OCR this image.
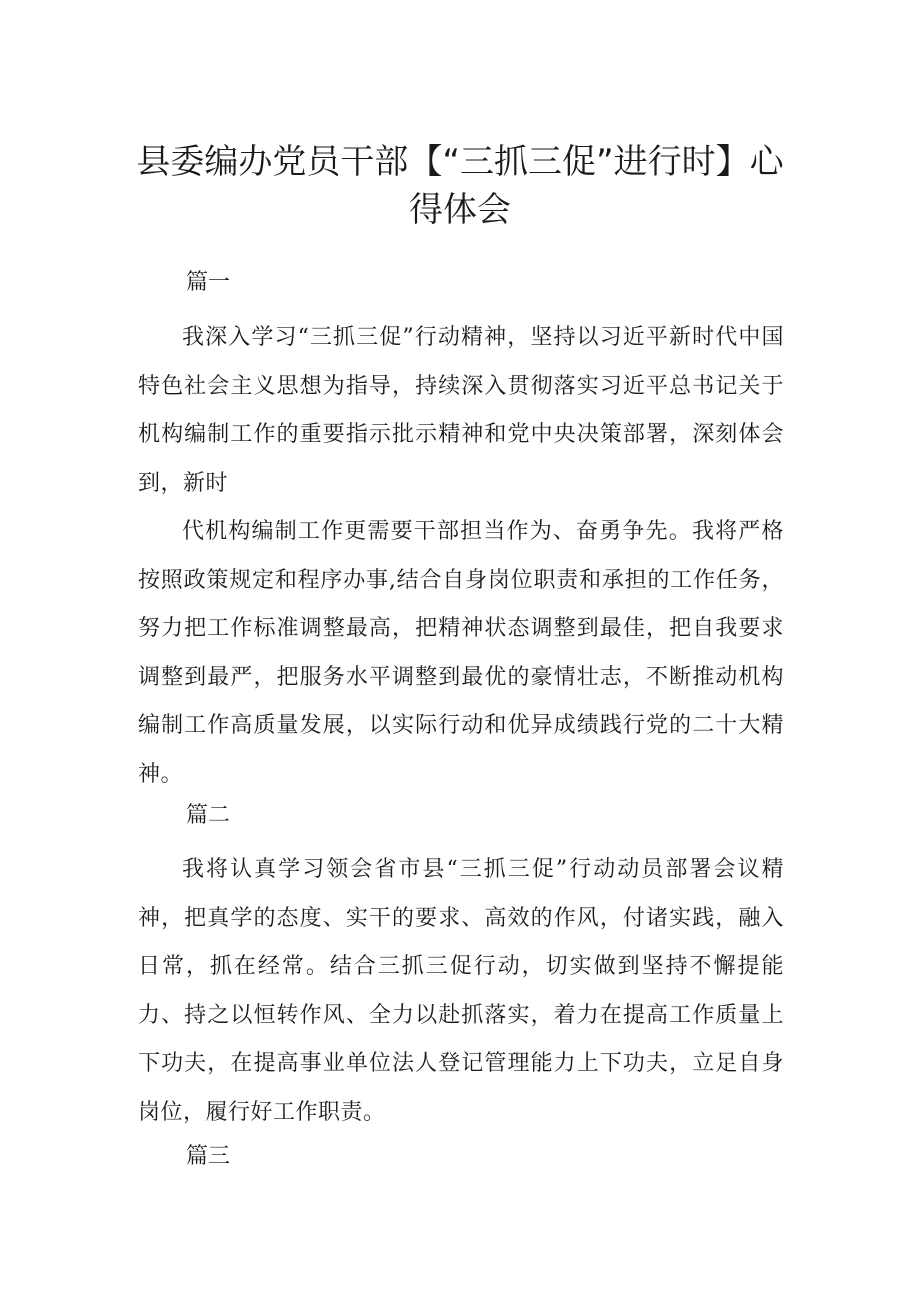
县委编办党员干部【“三抓三促”进行时】心得体会
篇一

我深入学习“三抓三促”行动精神，坚持以习近平新时代中国特色社会主义思想为指导，持续深入贯彻落实习近平总书记关于机构编制工作的重要指示批示精神和党中央决策部署，深刻体会到，新时

代机构编制工作更需要干部担当作为、奋勇争先。我将严格按照政策规定和程序办事,结合自身岗位职责和承担的工作任务，努力把工作标准调整最高，把精神状态调整到最佳，把自我要求调整到最严，把服务水平调整到最优的豪情壮志，不断推动机构编制工作高质量发展，以实际行动和优异成绩践行党的二十大精神。

篇二

我将认真学习领会省市县“三抓三促”行动动员部署会议精神，把真学的态度、实干的要求、高效的作风，付诸实践，融入日常，抓在经常。结合三抓三促行动，切实做到坚持不懈提能力、持之以恒转作风、全力以赴抓落实，着力在提高工作质量上下功夫，在提高事业单位法人登记管理能力上下功夫，立足自身岗位，履行好工作职责。

篇三
